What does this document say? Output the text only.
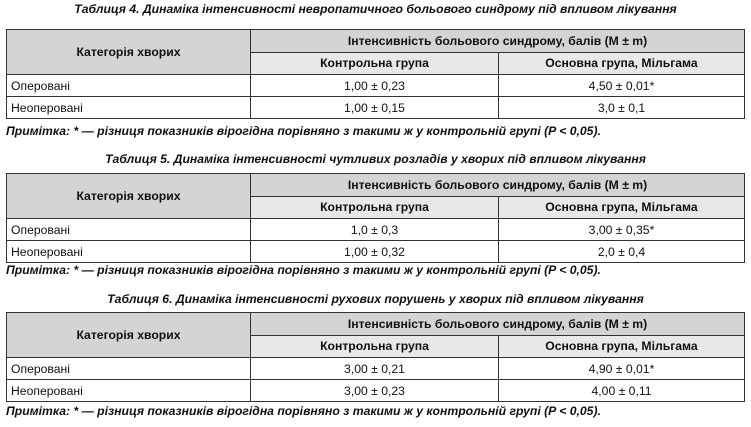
Таблиця 4. Динаміка інтенсивності невропатичного больового синдрому під впливом лікування
Категорія хворих	Інтенсивність больового синдрому, балів (M ± m)	
	Контрольна група	Основна група, Мільгама
Оперовані	1,00 ± 0,23	4,50 ± 0,01*
Неоперовані	1,00 ± 0,15	3,0 ± 0,1
Примітка: * — різниця показників вірогідна порівняно з такими ж у контрольній групі (P < 0,05).
Таблиця 5. Динаміка інтенсивності чутливих розладів у хворих під впливом лікування
Категорія хворих	Інтенсивність больового синдрому, балів (M ± m)	
	Контрольна група	Основна група, Мільгама
Оперовані	1,0 ± 0,3	3,00 ± 0,35*
Неоперовані	1,00 ± 0,32	2,0 ± 0,4
Примітка: * — різниця показників вірогідна порівняно з такими ж у контрольній групі (P < 0,05).
Таблиця 6. Динаміка інтенсивності рухових порушень у хворих під впливом лікування
Категорія хворих	Інтенсивність больового синдрому, балів (M ± m)	
	Контрольна група	Основна група, Мільгама
Оперовані	3,00 ± 0,21	4,90 ± 0,01*
Неоперовані	3,00 ± 0,23	4,00 ± 0,11
Примітка: * — різниця показників вірогідна порівняно з такими ж у контрольній групі (P < 0,05).
